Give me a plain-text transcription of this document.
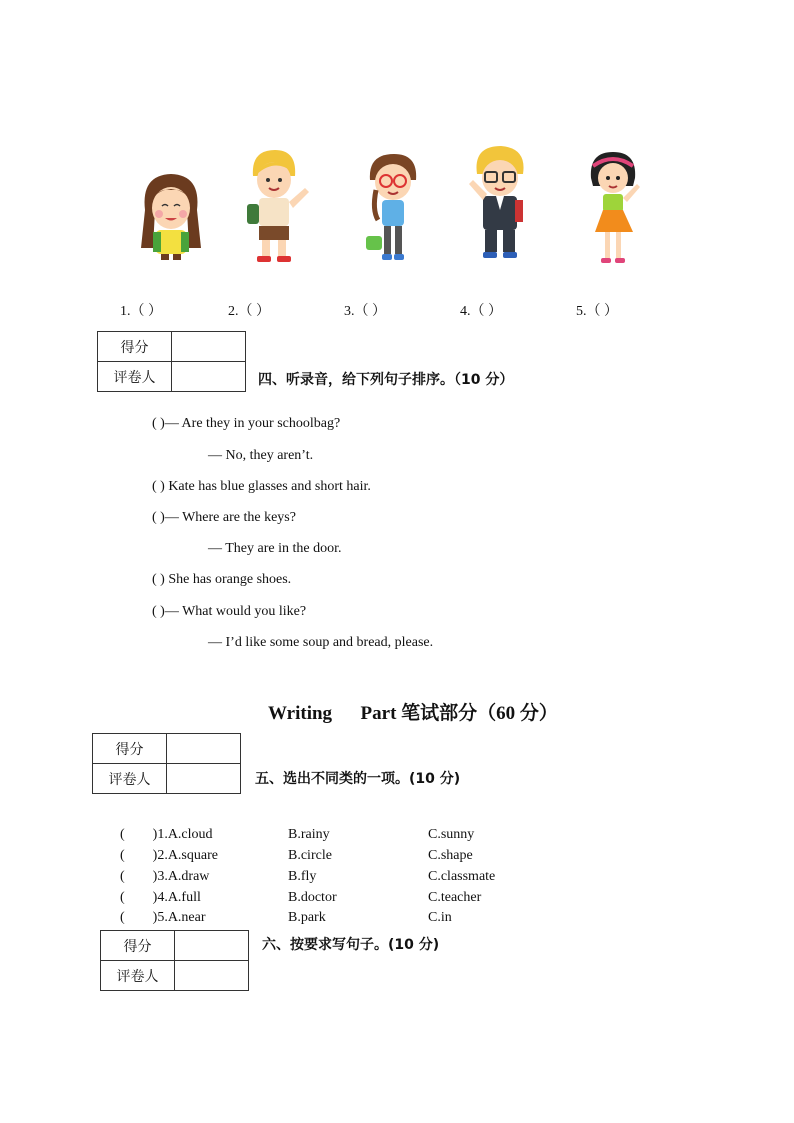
1.（ ）	2.（ ）	3.（ ）	4.（ ）	5.（ ）
得分	
评卷人		四、听录音，给下列句子排序。（10 分）
( )— Are they in your schoolbag?
— No, they aren’t.
( ) Kate has blue glasses and short hair.
( )— Where are the keys?
— They are in the door.
( ) She has orange shoes.
( )— What would you like?
— I’d like some soup and bread, please.
Writing      Part 笔试部分（60 分）
得分	
评卷人		五、选出不同类的一项。(10 分)
(        )1.A.cloud	B.rainy	C.sunny
(        )2.A.square	B.circle	C.shape
(        )3.A.draw	B.fly	C.classmate
(        )4.A.full	B.doctor	C.teacher
(        )5.A.near	B.park	C.in
得分	
评卷人	
六、按要求写句子。(10 分)
